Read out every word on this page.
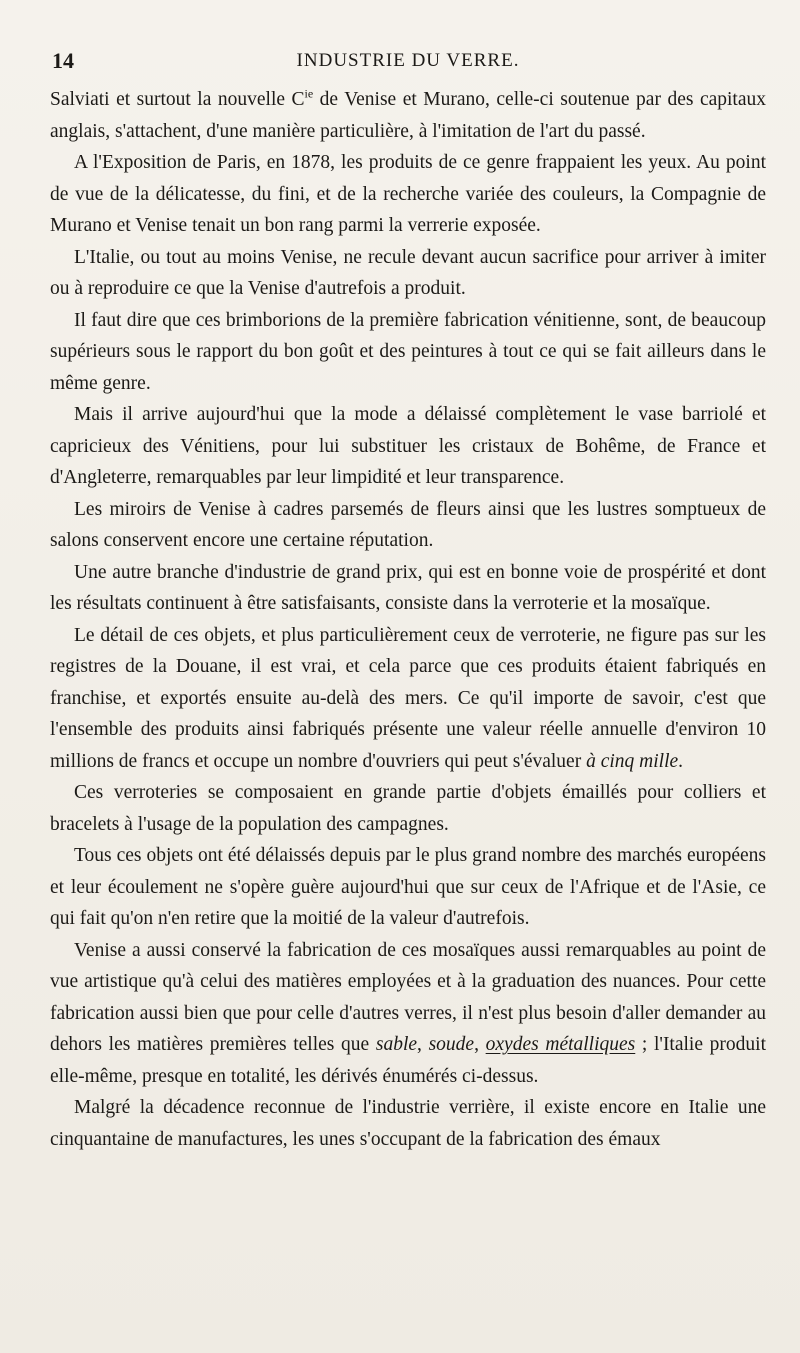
14	INDUSTRIE DU VERRE.

Salviati et surtout la nouvelle $C^{ie}$ de Venise et Murano, celle-ci soutenue par des capitaux anglais, s'attachent, d'une manière particulière, à l'imitation de l'art du passé.

A l'Exposition de Paris, en 1878, les produits de ce genre frappaient les yeux. Au point de vue de la délicatesse, du fini, et de la recherche variée des couleurs, la Compagnie de Murano et Venise tenait un bon rang parmi la verrerie exposée.

L'Italie, ou tout au moins Venise, ne recule devant aucun sacrifice pour arriver à imiter ou à reproduire ce que la Venise d'autrefois a produit.

Il faut dire que ces brimborions de la première fabrication vénitienne, sont, de beaucoup supérieurs sous le rapport du bon goût et des peintures à tout ce qui se fait ailleurs dans le même genre.

Mais il arrive aujourd'hui que la mode a délaissé complètement le vase barriolé et capricieux des Vénitiens, pour lui substituer les cristaux de Bohême, de France et d'Angleterre, remarquables par leur limpidité et leur transparence.

Les miroirs de Venise à cadres parsemés de fleurs ainsi que les lustres somptueux de salons conservent encore une certaine réputation.

Une autre branche d'industrie de grand prix, qui est en bonne voie de prospérité et dont les résultats continuent à être satisfaisants, consiste dans la verroterie et la mosaïque.

Le détail de ces objets, et plus particulièrement ceux de verroterie, ne figure pas sur les registres de la Douane, il est vrai, et cela parce que ces produits étaient fabriqués en franchise, et exportés ensuite au-delà des mers. Ce qu'il importe de savoir, c'est que l'ensemble des produits ainsi fabriqués présente une valeur réelle annuelle d'environ 10 millions de francs et occupe un nombre d'ouvriers qui peut s'évaluer à cinq mille.

Ces verroteries se composaient en grande partie d'objets émaillés pour colliers et bracelets à l'usage de la population des campagnes.

Tous ces objets ont été délaissés depuis par le plus grand nombre des marchés européens et leur écoulement ne s'opère guère aujourd'hui que sur ceux de l'Afrique et de l'Asie, ce qui fait qu'on n'en retire que la moitié de la valeur d'autrefois.

Venise a aussi conservé la fabrication de ces mosaïques aussi remarquables au point de vue artistique qu'à celui des matières employées et à la graduation des nuances. Pour cette fabrication aussi bien que pour celle d'autres verres, il n'est plus besoin d'aller demander au dehors les matières premières telles que sable, soude, oxydes métalliques ; l'Italie produit elle-même, presque en totalité, les dérivés énumérés ci-dessus.

Malgré la décadence reconnue de l'industrie verrière, il existe encore en Italie une cinquantaine de manufactures, les unes s'occupant de la fabrication des émaux
